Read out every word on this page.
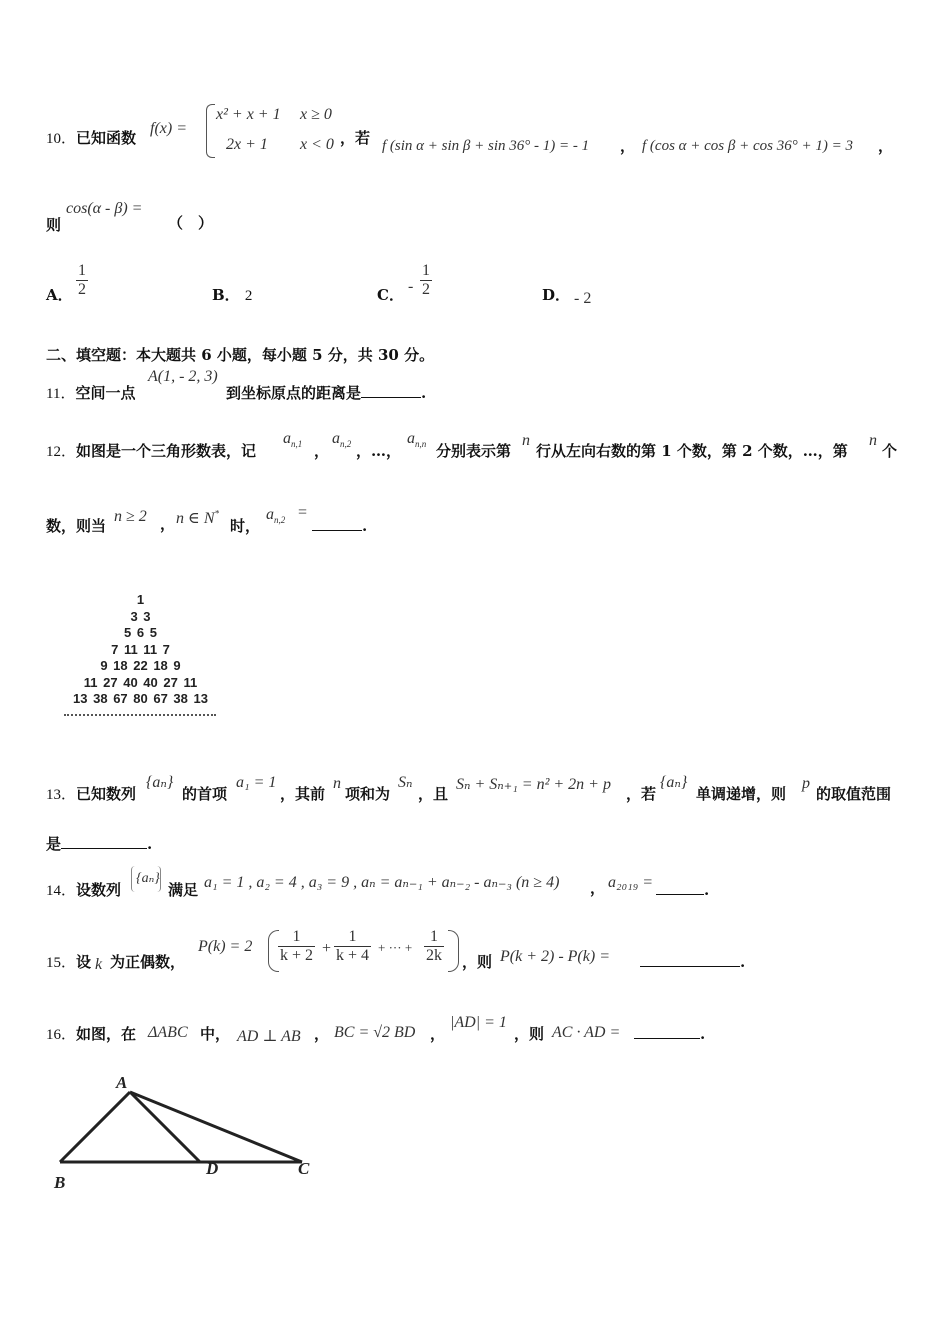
10．已知函数
f(x) =
x² + x + 1 x ≥ 0
2x + 1 x < 0 ，若 f (sin α + sin β + sin 36° - 1) = - 1 ， f (cos α + cos β + cos 36° + 1) = 3 ，
则
cos(α - β) =
（　）
A． $\frac{1}{2}$	B． 2	C． - $\frac{1}{2}$	D． - 2
二、填空题：本大题共 6 小题，每小题 5 分，共 30 分。
11．空间一点
A(1, - 2, 3)
到坐标原点的距离是	.
12．如图是一个三角形数表，记
$a_{n,1}$ ，
$a_{n,2}$ ，…，
$a_{n,n}$ 分别表示第
n
行从左向右数的第 1 个数，第 2 个数，…，第
n
个
数，则当
n ≥ 2 ， n ∈ N*
时，
$a_{n,2}$ =
.
1
3 3
5 6 5
7 11 11 7
9 18 22 18 9
11 27 40 40 27 11
13 38 67 80 67 38 13
13．已知数列
{aₙ}
的首项
a₁ = 1
，其前
n
项和为
Sₙ
，且
Sₙ + Sₙ₊₁ = n² + 2n + p
，若
{aₙ}
单调递增，则
p
的取值范围
是	.
14．设数列
{aₙ}
满足 a₁ = 1 , a₂ = 4 , a₃ = 9 , aₙ = aₙ₋₁ + aₙ₋₂ - aₙ₋₃ (n ≥ 4) ， a₂₀₁₉ =	.
15．设 k 为正偶数，
$P(k) = 2 \frac{1}{k + 2} + \frac{1}{k + 4}$ + ··· + $\frac{1}{2k}$ ，则 P(k + 2) - P(k) =	.
16．如图，在 ΔABC 中， AD ⊥ AB ， BC = √2 BD ，
|AD| = 1
，则 AC · AD =	.
A
B
D	C
